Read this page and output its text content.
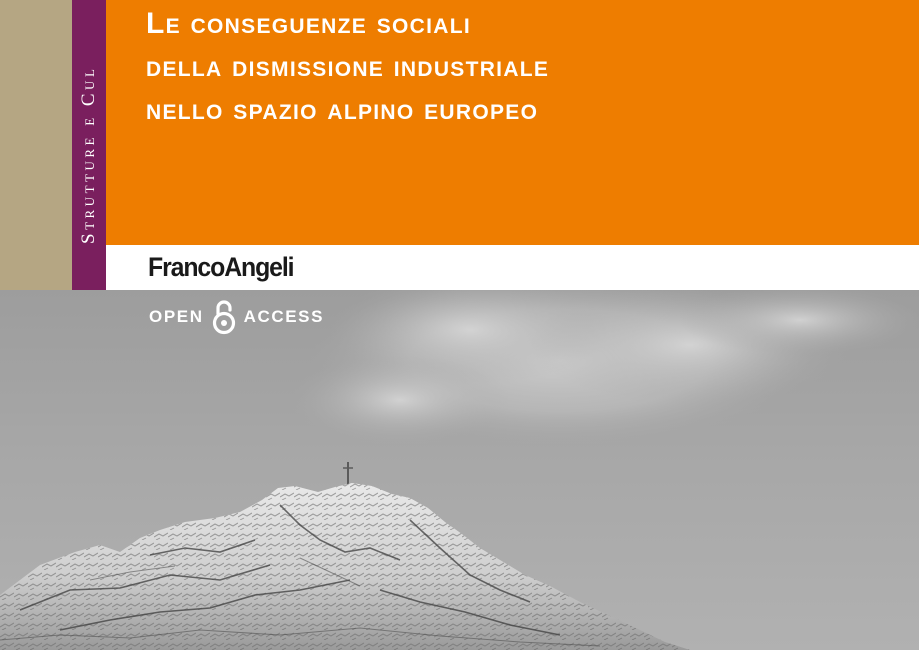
Strutture e Cul
Le conseguenze sociali
della dismissione industriale
nello spazio alpino europeo
FrancoAngeli
OPEN ACCESS
